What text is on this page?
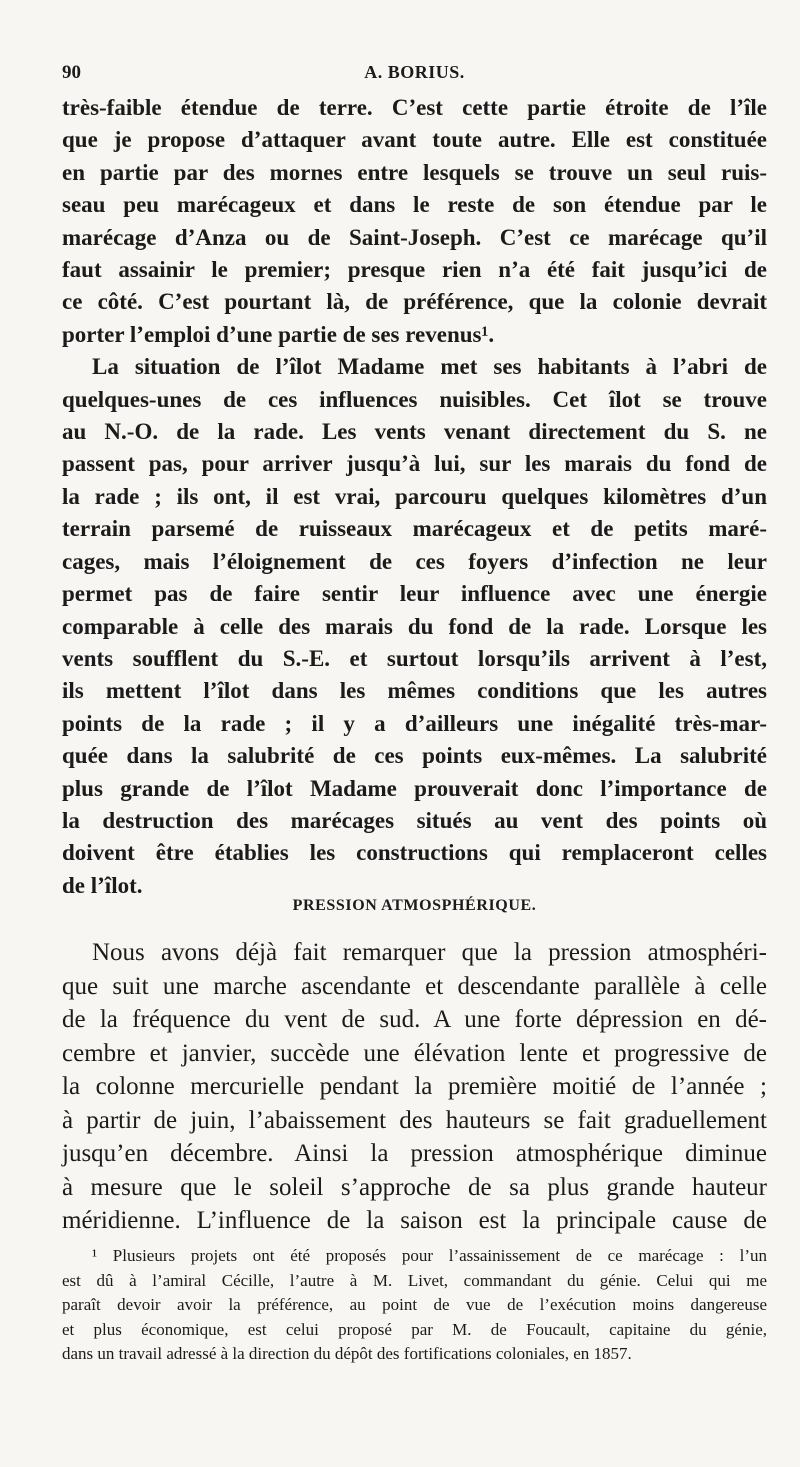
90	A. BORIUS.
très-faible étendue de terre. C’est cette partie étroite de l’île
que je propose d’attaquer avant toute autre. Elle est constituée
en partie par des mornes entre lesquels se trouve un seul ruis-
seau peu marécageux et dans le reste de son étendue par le
marécage d’Anza ou de Saint-Joseph. C’est ce marécage qu’il
faut assainir le premier; presque rien n’a été fait jusqu’ici de
ce côté. C’est pourtant là, de préférence, que la colonie devrait
porter l’emploi d’une partie de ses revenus¹.
La situation de l’îlot Madame met ses habitants à l’abri de
quelques-unes de ces influences nuisibles. Cet îlot se trouve
au N.-O. de la rade. Les vents venant directement du S. ne
passent pas, pour arriver jusqu’à lui, sur les marais du fond de
la rade ; ils ont, il est vrai, parcouru quelques kilomètres d’un
terrain parsemé de ruisseaux marécageux et de petits maré-
cages, mais l’éloignement de ces foyers d’infection ne leur
permet pas de faire sentir leur influence avec une énergie
comparable à celle des marais du fond de la rade. Lorsque les
vents soufflent du S.-E. et surtout lorsqu’ils arrivent à l’est,
ils mettent l’îlot dans les mêmes conditions que les autres
points de la rade ; il y a d’ailleurs une inégalité très-mar-
quée dans la salubrité de ces points eux-mêmes. La salubrité
plus grande de l’îlot Madame prouverait donc l’importance de
la destruction des marécages situés au vent des points où
doivent être établies les constructions qui remplaceront celles
de l’îlot.
PRESSION ATMOSPHÉRIQUE.
Nous avons déjà fait remarquer que la pression atmosphéri-
que suit une marche ascendante et descendante parallèle à celle
de la fréquence du vent de sud. A une forte dépression en dé-
cembre et janvier, succède une élévation lente et progressive de
la colonne mercurielle pendant la première moitié de l’année ;
à partir de juin, l’abaissement des hauteurs se fait graduellement
jusqu’en décembre. Ainsi la pression atmosphérique diminue
à mesure que le soleil s’approche de sa plus grande hauteur
méridienne. L’influence de la saison est la principale cause de
¹ Plusieurs projets ont été proposés pour l’assainissement de ce marécage : l’un
est dû à l’amiral Cécille, l’autre à M. Livet, commandant du génie. Celui qui me
paraît devoir avoir la préférence, au point de vue de l’exécution moins dangereuse
et plus économique, est celui proposé par M. de Foucault, capitaine du génie,
dans un travail adressé à la direction du dépôt des fortifications coloniales, en 1857.
